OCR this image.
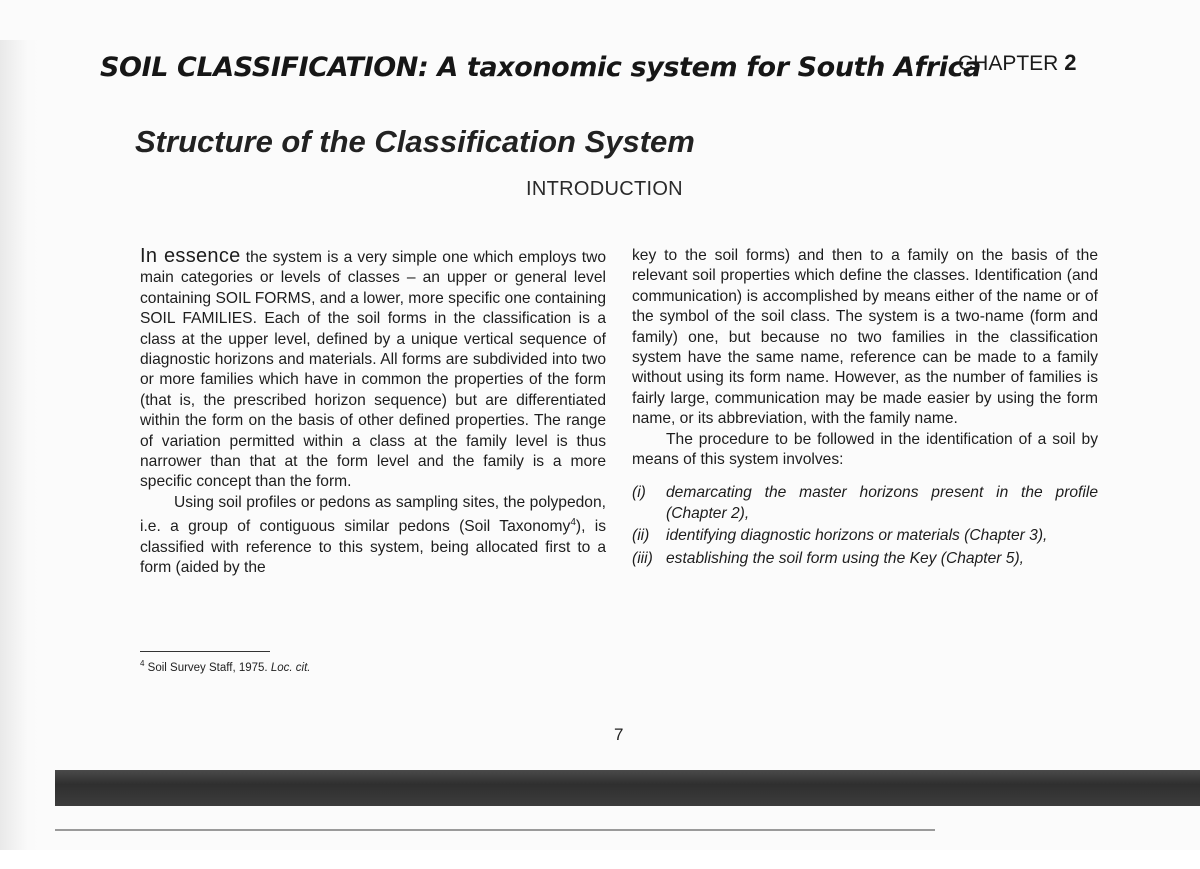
SOIL CLASSIFICATION: A taxonomic system for South Africa
CHAPTER 2
Structure of the Classification System
INTRODUCTION

In essence the system is a very simple one which employs two main categories or levels of classes – an upper or general level containing SOIL FORMS, and a lower, more specific one containing SOIL FAMILIES. Each of the soil forms in the classification is a class at the upper level, defined by a unique vertical sequence of diagnostic horizons and materials. All forms are subdivided into two or more families which have in common the properties of the form (that is, the prescribed horizon sequence) but are differentiated within the form on the basis of other defined properties. The range of variation permitted within a class at the family level is thus narrower than that at the form level and the family is a more specific concept than the form.

Using soil profiles or pedons as sampling sites, the polypedon, i.e. a group of contiguous similar pedons (Soil Taxonomy$^4$), is classified with reference to this system, being allocated first to a form (aided by the

$^4$ Soil Survey Staff, 1975. Loc. cit.

key to the soil forms) and then to a family on the basis of the relevant soil properties which define the classes. Identification (and communication) is accomplished by means either of the name or of the symbol of the soil class. The system is a two-name (form and family) one, but because no two families in the classification system have the same name, reference can be made to a family without using its form name. However, as the number of families is fairly large, communication may be made easier by using the form name, or its abbreviation, with the family name.

The procedure to be followed in the identification of a soil by means of this system involves:

(i)	demarcating the master horizons present in the profile (Chapter 2),
(ii)	identifying diagnostic horizons or materials (Chapter 3),
(iii) establishing the soil form using the Key (Chapter 5),
7
